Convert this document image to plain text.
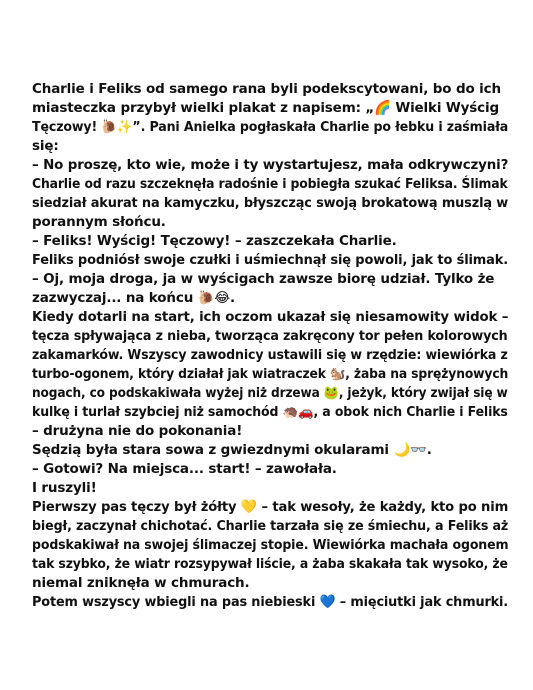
Charlie i Feliks od samego rana byli podekscytowani, bo do ich
miasteczka przybył wielki plakat z napisem: „🌈 Wielki Wyścig
Tęczowy! 🐌✨”. Pani Anielka pogłaskała Charlie po łebku i zaśmiała
się:
– No proszę, kto wie, może i ty wystartujesz, mała odkrywczyni?
Charlie od razu szczeknęła radośnie i pobiegła szukać Feliksa. Ślimak
siedział akurat na kamyczku, błyszcząc swoją brokatową muszlą w
porannym słońcu.
– Feliks! Wyścig! Tęczowy! – zaszczekała Charlie.
Feliks podniósł swoje czułki i uśmiechnął się powoli, jak to ślimak.
– Oj, moja droga, ja w wyścigach zawsze biorę udział. Tylko że
zazwyczaj... na końcu 🐌😂.
Kiedy dotarli na start, ich oczom ukazał się niesamowity widok –
tęcza spływająca z nieba, tworząca zakręcony tor pełen kolorowych
zakamarków. Wszyscy zawodnicy ustawili się w rzędzie: wiewiórka z
turbo-ogonem, który działał jak wiatraczek 🐿️, żaba na sprężynowych
nogach, co podskakiwała wyżej niż drzewa 🐸, jeżyk, który zwijał się w
kulkę i turlał szybciej niż samochód 🦔🚗, a obok nich Charlie i Feliks
– drużyna nie do pokonania!
Sędzią była stara sowa z gwiezdnymi okularami 🌙👓.
– Gotowi? Na miejsca... start! – zawołała.
I ruszyli!
Pierwszy pas tęczy był żółty 💛 – tak wesoły, że każdy, kto po nim
biegł, zaczynał chichotać. Charlie tarzała się ze śmiechu, a Feliks aż
podskakiwał na swojej ślimaczej stopie. Wiewiórka machała ogonem
tak szybko, że wiatr rozsypywał liście, a żaba skakała tak wysoko, że
niemal zniknęła w chmurach.
Potem wszyscy wbiegli na pas niebieski 💙 – mięciutki jak chmurki.
